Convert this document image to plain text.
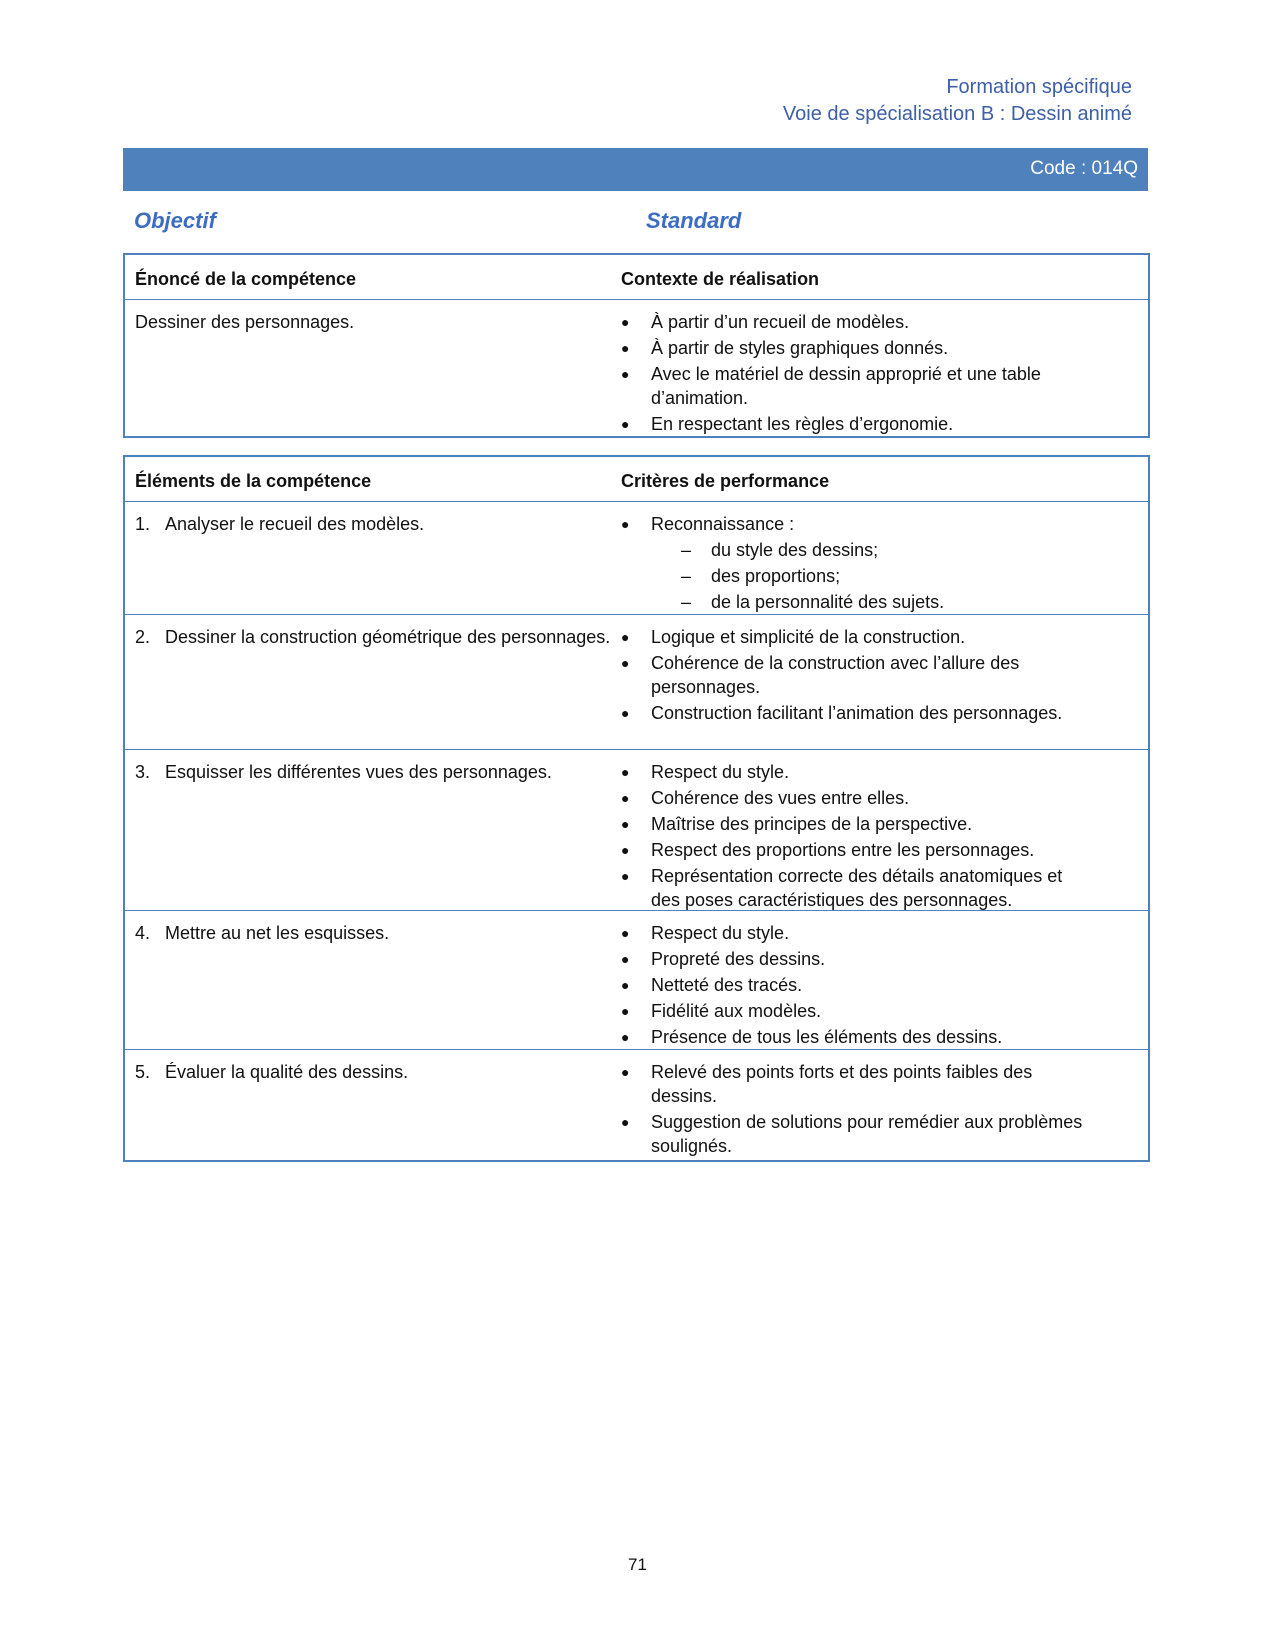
Formation spécifique
Voie de spécialisation B : Dessin animé
Code : 014Q
Objectif	Standard
Énoncé de la compétence	Contexte de réalisation
Dessiner des personnages.	● À partir d’un recueil de modèles.
● À partir de styles graphiques donnés.
● Avec le matériel de dessin approprié et une table d’animation.
● En respectant les règles d’ergonomie.
Éléments de la compétence	Critères de performance
1. Analyser le recueil des modèles.	● Reconnaissance :
– du style des dessins;
– des proportions;
– de la personnalité des sujets.
2. Dessiner la construction géométrique des personnages. ● Logique et simplicité de la construction.
● Cohérence de la construction avec l’allure des personnages.
● Construction facilitant l’animation des personnages.
3. Esquisser les différentes vues des personnages.	● Respect du style.
● Cohérence des vues entre elles.
● Maîtrise des principes de la perspective.
● Respect des proportions entre les personnages.
● Représentation correcte des détails anatomiques et des poses caractéristiques des personnages.
4. Mettre au net les esquisses.	● Respect du style.
● Propreté des dessins.
● Netteté des tracés.
● Fidélité aux modèles.
● Présence de tous les éléments des dessins.
5. Évaluer la qualité des dessins.	● Relevé des points forts et des points faibles des dessins.
● Suggestion de solutions pour remédier aux problèmes soulignés.
71
